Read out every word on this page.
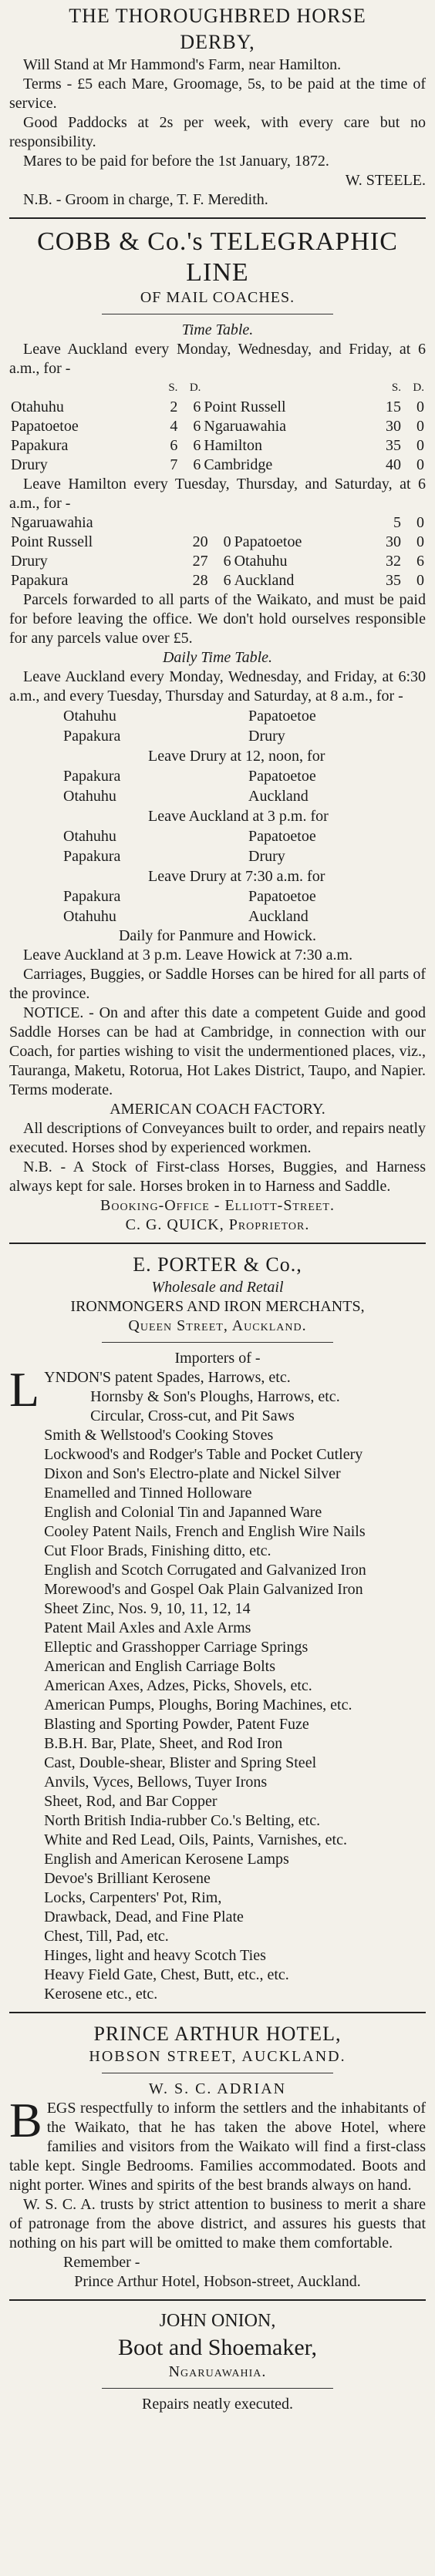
THE THOROUGHBRED HORSE
DERBY,

Will Stand at Mr Hammond's Farm, near Hamilton.

Terms - £5 each Mare, Groomage, 5s, to be paid at the time of service.

Good Paddocks at 2s per week, with every care but no responsibility.

Mares to be paid for before the 1st January, 1872.

W. STEELE.

N.B. - Groom in charge, T. F. Meredith.

COBB & Co.'s TELEGRAPHIC LINE
OF MAIL COACHES.
Time Table.

Leave Auckland every Monday, Wednesday, and Friday, at 6 a.m., for -

	S.	D.		S.	D.
Otahuhu	2	6	Point Russell	15	0
Papatoetoe	4	6	Ngaruawahia	30	0
Papakura	6	6	Hamilton	35	0
Drury	7	6	Cambridge	40	0

Leave Hamilton every Tuesday, Thursday, and Saturday, at 6 a.m., for -

Ngaruawahia				5	0
Point Russell	20	0	Papatoetoe	30	0
Drury	27	6	Otahuhu	32	6
Papakura	28	6	Auckland	35	0

Parcels forwarded to all parts of the Waikato, and must be paid for before leaving the office. We don't hold ourselves responsible for any parcels value over £5.

Daily Time Table.

Leave Auckland every Monday, Wednesday, and Friday, at 6:30 a.m., and every Tuesday, Thursday and Saturday, at 8 a.m., for -

Otahuhu	Papatoetoe
Papakura	Drury
Leave Drury at 12, noon, for
Papakura	Papatoetoe
Otahuhu	Auckland
Leave Auckland at 3 p.m. for
Otahuhu	Papatoetoe
Papakura	Drury
Leave Drury at 7:30 a.m. for
Papakura	Papatoetoe
Otahuhu	Auckland
Daily for Panmure and Howick.

Leave Auckland at 3 p.m. Leave Howick at 7:30 a.m.

Carriages, Buggies, or Saddle Horses can be hired for all parts of the province.

NOTICE. - On and after this date a competent Guide and good Saddle Horses can be had at Cambridge, in connection with our Coach, for parties wishing to visit the undermentioned places, viz., Tauranga, Maketu, Rotorua, Hot Lakes District, Taupo, and Napier. Terms moderate.

AMERICAN COACH FACTORY.

All descriptions of Conveyances built to order, and repairs neatly executed. Horses shod by experienced workmen.

N.B. - A Stock of First-class Horses, Buggies, and Harness always kept for sale. Horses broken in to Harness and Saddle.

Booking-Office - Elliott-Street.
C. G. QUICK, Proprietor.
E. PORTER & Co.,
Wholesale and Retail
IRONMONGERS AND IRON MERCHANTS,
Queen Street, Auckland.
Importers of -
L YNDON'S patent Spades, Harrows, etc.
Hornsby & Son's Ploughs, Harrows, etc.
Circular, Cross-cut, and Pit Saws
Smith & Wellstood's Cooking Stoves
Lockwood's and Rodger's Table and Pocket Cutlery
Dixon and Son's Electro-plate and Nickel Silver
Enamelled and Tinned Holloware
English and Colonial Tin and Japanned Ware
Cooley Patent Nails, French and English Wire Nails
Cut Floor Brads, Finishing ditto, etc.
English and Scotch Corrugated and Galvanized Iron
Morewood's and Gospel Oak Plain Galvanized Iron
Sheet Zinc, Nos. 9, 10, 11, 12, 14
Patent Mail Axles and Axle Arms
Elleptic and Grasshopper Carriage Springs
American and English Carriage Bolts
American Axes, Adzes, Picks, Shovels, etc.
American Pumps, Ploughs, Boring Machines, etc.
Blasting and Sporting Powder, Patent Fuze
B.B.H. Bar, Plate, Sheet, and Rod Iron
Cast, Double-shear, Blister and Spring Steel
Anvils, Vyces, Bellows, Tuyer Irons
Sheet, Rod, and Bar Copper
North British India-rubber Co.'s Belting, etc.
White and Red Lead, Oils, Paints, Varnishes, etc.
English and American Kerosene Lamps
Devoe's Brilliant Kerosene
Locks, Carpenters' Pot, Rim,
Drawback, Dead, and Fine Plate
Chest, Till, Pad, etc.
Hinges, light and heavy Scotch Ties
Heavy Field Gate, Chest, Butt, etc., etc.
Kerosene etc., etc.
PRINCE ARTHUR HOTEL,
HOBSON STREET, AUCKLAND.
W. S. C. ADRIAN
B EGS respectfully to inform the settlers and the inhabitants of the Waikato, that he has taken the above Hotel, where families and visitors from the Waikato will find a first-class table kept. Single Bedrooms. Families accommodated. Boots and night porter. Wines and spirits of the best brands always on hand.

W. S. C. A. trusts by strict attention to business to merit a share of patronage from the above district, and assures his guests that nothing on his part will be omitted to make them comfortable.

Remember -
Prince Arthur Hotel, Hobson-street, Auckland.
JOHN ONION,
Boot and Shoemaker,
Ngaruawahia.
Repairs neatly executed.
